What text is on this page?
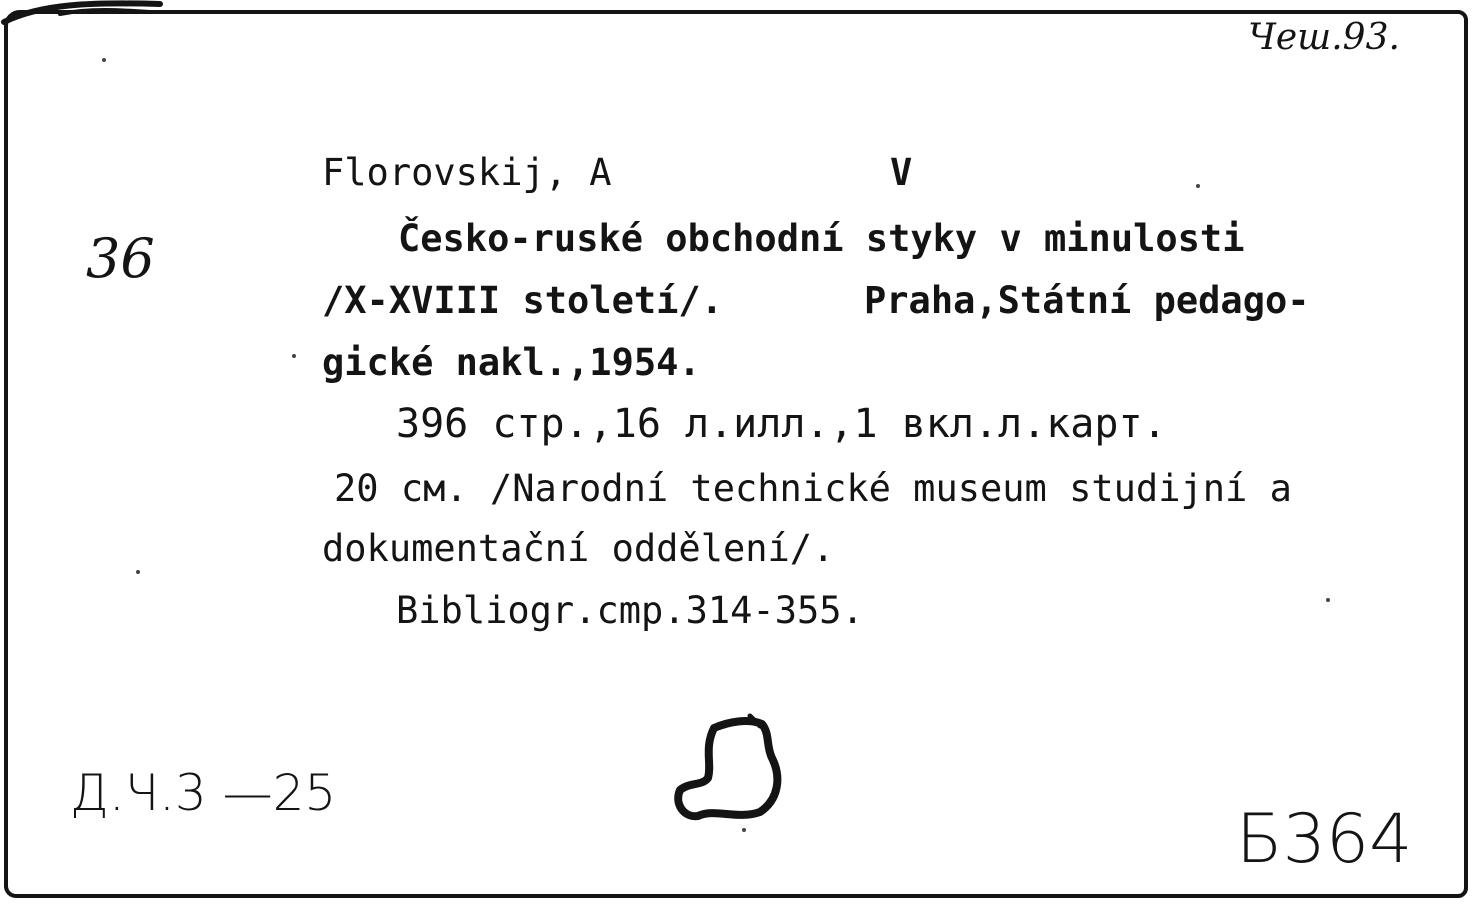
Чеш.93.
36
Florovskij, A	V
Česko-ruské obchodní styky v minulosti
/X-XVIII století/.	Praha,Státní pedago-
gické nakl.,1954.
396 стр.,16 л.илл.,1 вкл.л.карт.
20 см. /Narodní technické museum studijní a
dokumentační oddělení/.
Bibliogr.cmp.314-355.
Д.Ч.3 —25
Б364
